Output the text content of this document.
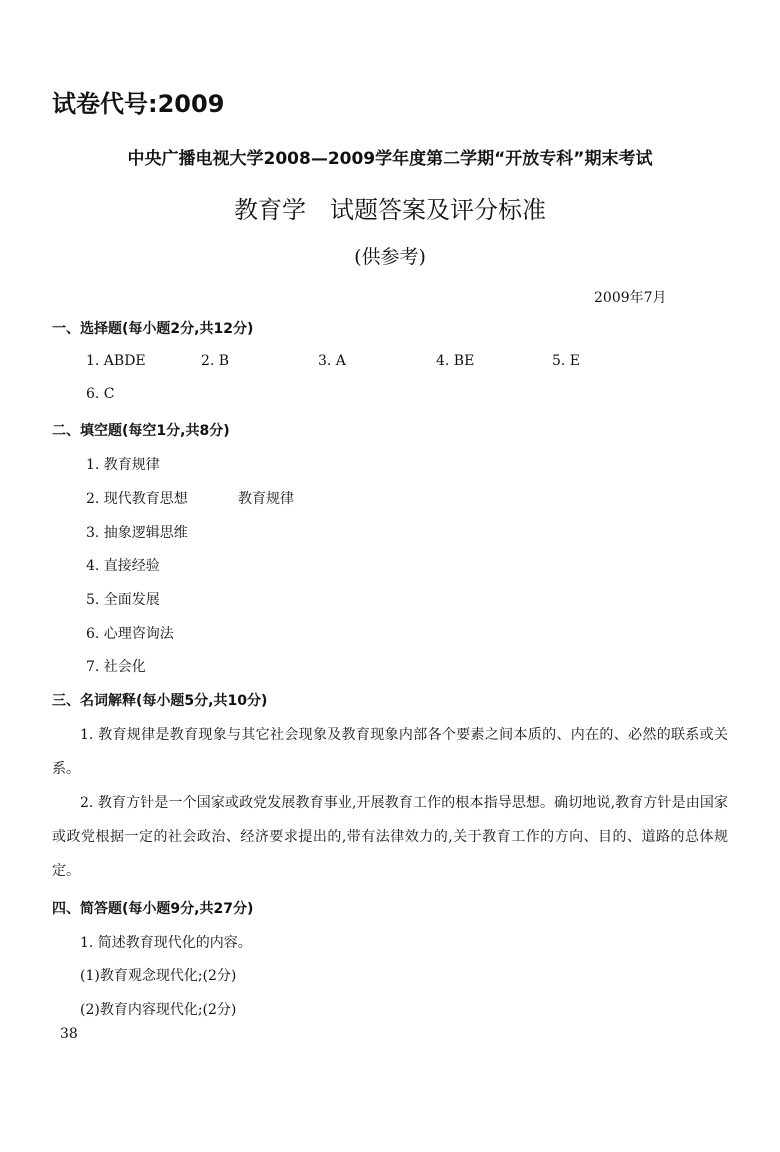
试卷代号:2009
中央广播电视大学2008—2009学年度第二学期“开放专科”期末考试
教育学　试题答案及评分标准
(供参考)
2009年7月
一、选择题(每小题2分,共12分)
1. ABDE	2. B	3. A	4. BE	5. E
6. C
二、填空题(每空1分,共8分)
1. 教育规律
2. 现代教育思想	教育规律
3. 抽象逻辑思维
4. 直接经验
5. 全面发展
6. 心理咨询法
7. 社会化
三、名词解释(每小题5分,共10分)
1. 教育规律是教育现象与其它社会现象及教育现象内部各个要素之间本质的、内在的、必然的联系或关系。
2. 教育方针是一个国家或政党发展教育事业,开展教育工作的根本指导思想。确切地说,教育方针是由国家或政党根据一定的社会政治、经济要求提出的,带有法律效力的,关于教育工作的方向、目的、道路的总体规定。
四、简答题(每小题9分,共27分)
1. 简述教育现代化的内容。
(1)教育观念现代化;(2分)
(2)教育内容现代化;(2分)
38
